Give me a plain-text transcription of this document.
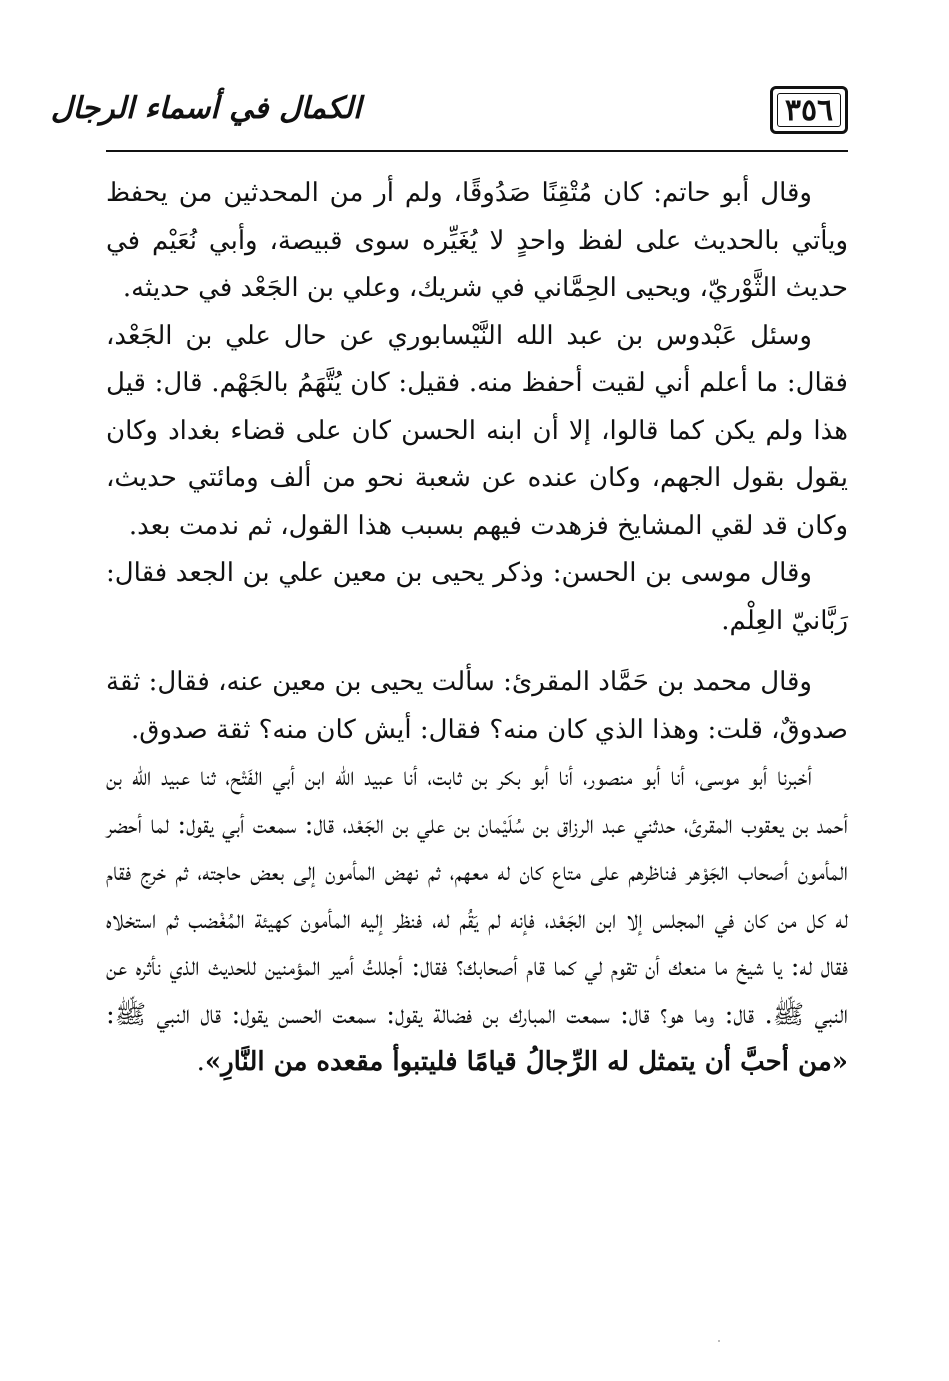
٣٥٦
الكمال في أسماء الرجال

وقال أبو حاتم: كان مُتْقِنًا صَدُوقًا، ولم أر من المحدثين من يحفظ ويأتي بالحديث على لفظ واحدٍ لا يُغَيِّره سوى قبيصة، وأبي نُعَيْم في حديث الثَّوْريّ، ويحيى الحِمَّاني في شريك، وعلي بن الجَعْد في حديثه.

وسئل عَبْدوس بن عبد الله النَّيْسابوري عن حال علي بن الجَعْد، فقال: ما أعلم أني لقيت أحفظ منه. فقيل: كان يُتَّهَمُ بالجَهْم. قال: قيل هذا ولم يكن كما قالوا، إلا أن ابنه الحسن كان على قضاء بغداد وكان يقول بقول الجهم، وكان عنده عن شعبة نحو من ألف ومائتي حديث، وكان قد لقي المشايخ فزهدت فيهم بسبب هذا القول، ثم ندمت بعد.

وقال موسى بن الحسن: وذكر يحيى بن معين علي بن الجعد فقال: رَبَّانيّ العِلْم.

وقال محمد بن حَمَّاد المقرئ: سألت يحيى بن معين عنه، فقال: ثقة صدوقٌ، قلت: وهذا الذي كان منه؟ فقال: أيش كان منه؟ ثقة صدوق.

أخبرنا أبو موسى، أنا أبو منصور، أنا أبو بكر بن ثابت، أنا عبيد الله ابن أبي الفَتْح، ثنا عبيد الله بن أحمد بن يعقوب المقرئ، حدثني عبد الرزاق بن سُلَيْمان بن علي بن الجَعْد، قال: سمعت أبي يقول: لما أحضر المأمون أصحاب الجَوْهر فناظرهم على متاع كان له معهم، ثم نهض المأمون إلى بعض حاجته، ثم خرج فقام له كل من كان في المجلس إلا ابن الجَعْد، فإنه لم يَقُم له، فنظر إليه المأمون كهيئة المُغْضب ثم استخلاه فقال له: يا شيخ ما منعك أن تقوم لي كما قام أصحابك؟ فقال: أجللتُ أمير المؤمنين للحديث الذي نأثره عن النبي ﷺ. قال: وما هو؟ قال: سمعت المبارك بن فضالة يقول: سمعت الحسن يقول: قال النبي ﷺ: «من أحبَّ أن يتمثل له الرِّجالُ قيامًا فليتبوأ مقعده من النَّارِ».
